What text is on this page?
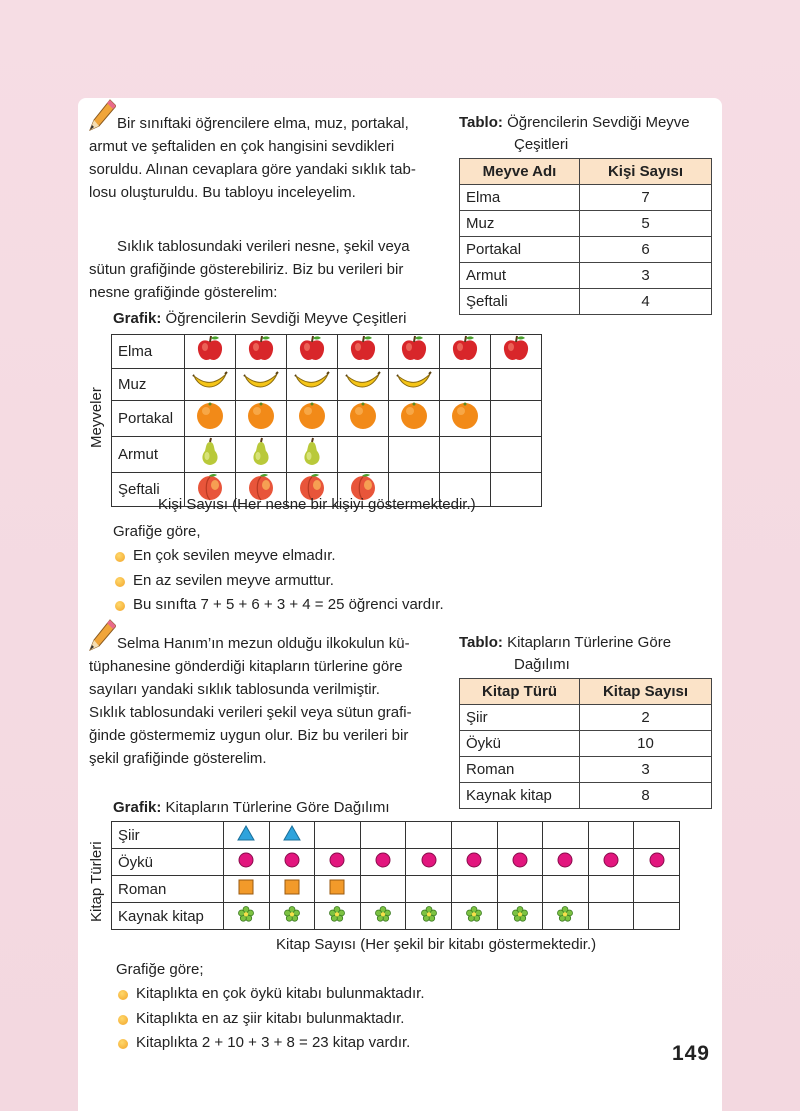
Bir sınıftaki öğrencilere elma, muz, portakal,
armut ve şeftaliden en çok hangisini sevdikleri
soruldu. Alınan cevaplara göre yandaki sıklık tab-
losu oluşturuldu. Bu tabloyu inceleyelim.
Sıklık tablosundaki verileri nesne, şekil veya
sütun grafiğinde gösterebiliriz. Biz bu verileri bir
nesne grafiğinde gösterelim:
Tablo: Öğrencilerin Sevdiği Meyve
Çeşitleri
Meyve Adı	Kişi Sayısı
Elma	7
Muz	5
Portakal	6
Armut	3
Şeftali	4
Grafik: Öğrencilerin Sevdiği Meyve Çeşitleri
Meyveler
Elma							
Muz							
Portakal							
Armut							
Şeftali							
Kişi Sayısı (Her nesne bir kişiyi göstermektedir.)
Grafiğe göre,
En çok sevilen meyve elmadır.
En az sevilen meyve armuttur.
Bu sınıfta 7 + 5 + 6 + 3 + 4 = 25 öğrenci vardır.
Selma Hanım’ın mezun olduğu ilkokulun kü-
tüphanesine gönderdiği kitapların türlerine göre
sayıları yandaki sıklık tablosunda verilmiştir.
Sıklık tablosundaki verileri şekil veya sütun grafi-
ğinde göstermemiz uygun olur. Biz bu verileri bir
şekil grafiğinde gösterelim.
Tablo: Kitapların Türlerine Göre
Dağılımı
Kitap Türü	Kitap Sayısı
Şiir	2
Öykü	10
Roman	3
Kaynak kitap	8
Grafik: Kitapların Türlerine Göre Dağılımı
Kitap Türleri
Şiir										
Öykü										
Roman										
Kaynak kitap										
Kitap Sayısı (Her şekil bir kitabı göstermektedir.)
Grafiğe göre;
Kitaplıkta en çok öykü kitabı bulunmaktadır.
Kitaplıkta en az şiir kitabı bulunmaktadır.
Kitaplıkta 2 + 10 + 3 + 8 = 23 kitap vardır.	149
